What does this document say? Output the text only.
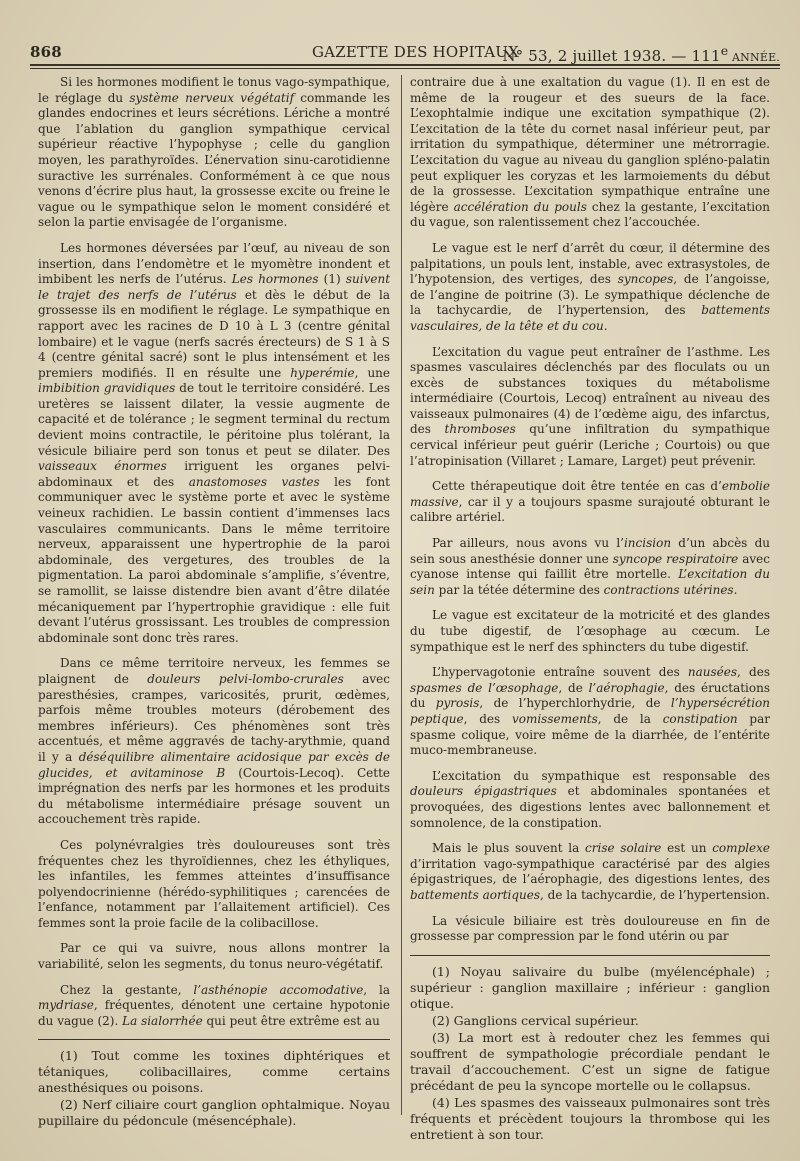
868	GAZETTE DES HOPITAUX
N° 53, 2 juillet 1938. — 111e ANNÉE.

Si les hormones modifient le tonus vago-sympathique, le réglage du système nerveux végétatif commande les glandes endocrines et leurs sécrétions. Lériche a montré que l’ablation du ganglion sympathique cervical supérieur réactive l’hypophyse ; celle du ganglion moyen, les parathyroïdes. L’énervation sinu-carotidienne suractive les surrénales. Conformément à ce que nous venons d’écrire plus haut, la grossesse excite ou freine le vague ou le sympathique selon le moment considéré et selon la partie envisagée de l’organisme.

Les hormones déversées par l’œuf, au niveau de son insertion, dans l’endomètre et le myomètre inondent et imbibent les nerfs de l’utérus. Les hormones (1) suivent le trajet des nerfs de l’utérus et dès le début de la grossesse ils en modifient le réglage. Le sympathique en rapport avec les racines de D 10 à L 3 (centre génital lombaire) et le vague (nerfs sacrés érecteurs) de S 1 à S 4 (centre génital sacré) sont le plus intensément et les premiers modifiés. Il en résulte une hyperémie, une imbibition gravidiques de tout le territoire considéré. Les uretères se laissent dilater, la vessie augmente de capacité et de tolérance ; le segment terminal du rectum devient moins contractile, le péritoine plus tolérant, la vésicule biliaire perd son tonus et peut se dilater. Des vaisseaux énormes irriguent les organes pelvi-abdominaux et des anastomoses vastes les font communiquer avec le système porte et avec le système veineux rachidien. Le bassin contient d’immenses lacs vasculaires communicants. Dans le même territoire nerveux, apparaissent une hypertrophie de la paroi abdominale, des vergetures, des troubles de la pigmentation. La paroi abdominale s’amplifie, s’éventre, se ramollit, se laisse distendre bien avant d’être dilatée mécaniquement par l’hypertrophie gravidique : elle fuit devant l’utérus grossissant. Les troubles de compression abdominale sont donc très rares.

Dans ce même territoire nerveux, les femmes se plaignent de douleurs pelvi-lombo-crurales avec paresthésies, crampes, varicosités, prurit, œdèmes, parfois même troubles moteurs (dérobement des membres inférieurs). Ces phénomènes sont très accentués, et même aggravés de tachy-arythmie, quand il y a déséquilibre alimentaire acidosique par excès de glucides, et avitaminose B (Courtois-Lecoq). Cette imprégnation des nerfs par les hormones et les produits du métabolisme intermédiaire présage souvent un accouchement très rapide.

Ces polynévralgies très douloureuses sont très fréquentes chez les thyroïdiennes, chez les éthyliques, les infantiles, les femmes atteintes d’insuffisance polyendocrinienne (hérédo-syphilitiques ; carencées de l’enfance, notamment par l’allaitement artificiel). Ces femmes sont la proie facile de la colibacillose.

Par ce qui va suivre, nous allons montrer la variabilité, selon les segments, du tonus neuro-végétatif.

Chez la gestante, l’asthénopie accomodative, la mydriase, fréquentes, dénotent une certaine hypotonie du vague (2). La sialorrhée qui peut être extrême est au

(1) Tout comme les toxines diphtériques et tétaniques, colibacillaires, comme certains anesthésiques ou poisons.

(2) Nerf ciliaire court ganglion ophtalmique. Noyau pupillaire du pédoncule (mésencéphale).

contraire due à une exaltation du vague (1). Il en est de même de la rougeur et des sueurs de la face. L’exophtalmie indique une excitation sympathique (2). L’excitation de la tête du cornet nasal inférieur peut, par irritation du sympathique, déterminer une métrorragie. L’excitation du vague au niveau du ganglion spléno-palatin peut expliquer les coryzas et les larmoiements du début de la grossesse. L’excitation sympathique entraîne une légère accélération du pouls chez la gestante, l’excitation du vague, son ralentissement chez l’accouchée.

Le vague est le nerf d’arrêt du cœur, il détermine des palpitations, un pouls lent, instable, avec extrasystoles, de l’hypotension, des vertiges, des syncopes, de l’angoisse, de l’angine de poitrine (3). Le sympathique déclenche de la tachycardie, de l’hypertension, des battements vasculaires, de la tête et du cou.

L’excitation du vague peut entraîner de l’asthme. Les spasmes vasculaires déclenchés par des floculats ou un excès de substances toxiques du métabolisme intermédiaire (Courtois, Lecoq) entraînent au niveau des vaisseaux pulmonaires (4) de l’œdème aigu, des infarctus, des thromboses qu’une infiltration du sympathique cervical inférieur peut guérir (Leriche ; Courtois) ou que l’atropinisation (Villaret ; Lamare, Larget) peut prévenir.

Cette thérapeutique doit être tentée en cas d’embolie massive, car il y a toujours spasme surajouté obturant le calibre artériel.

Par ailleurs, nous avons vu l’incision d’un abcès du sein sous anesthésie donner une syncope respiratoire avec cyanose intense qui faillit être mortelle. L’excitation du sein par la tétée détermine des contractions utérines.

Le vague est excitateur de la motricité et des glandes du tube digestif, de l’œsophage au cœcum. Le sympathique est le nerf des sphincters du tube digestif.

L’hypervagotonie entraîne souvent des nausées, des spasmes de l’œsophage, de l’aérophagie, des éructations du pyrosis, de l’hyperchlorhydrie, de l’hypersécrétion peptique, des vomissements, de la constipation par spasme colique, voire même de la diarrhée, de l’entérite muco-membraneuse.

L’excitation du sympathique est responsable des douleurs épigastriques et abdominales spontanées et provoquées, des digestions lentes avec ballonnement et somnolence, de la constipation.

Mais le plus souvent la crise solaire est un complexe d’irritation vago-sympathique caractérisé par des algies épigastriques, de l’aérophagie, des digestions lentes, des battements aortiques, de la tachycardie, de l’hypertension.

La vésicule biliaire est très douloureuse en fin de grossesse par compression par le fond utérin ou par

(1) Noyau salivaire du bulbe (myélencéphale) ; supérieur : ganglion maxillaire ; inférieur : ganglion otique.

(2) Ganglions cervical supérieur.

(3) La mort est à redouter chez les femmes qui souffrent de sympathologie précordiale pendant le travail d’accouchement. C’est un signe de fatigue précédant de peu la syncope mortelle ou le collapsus.

(4) Les spasmes des vaisseaux pulmonaires sont très fréquents et précèdent toujours la thrombose qui les entretient à son tour.
